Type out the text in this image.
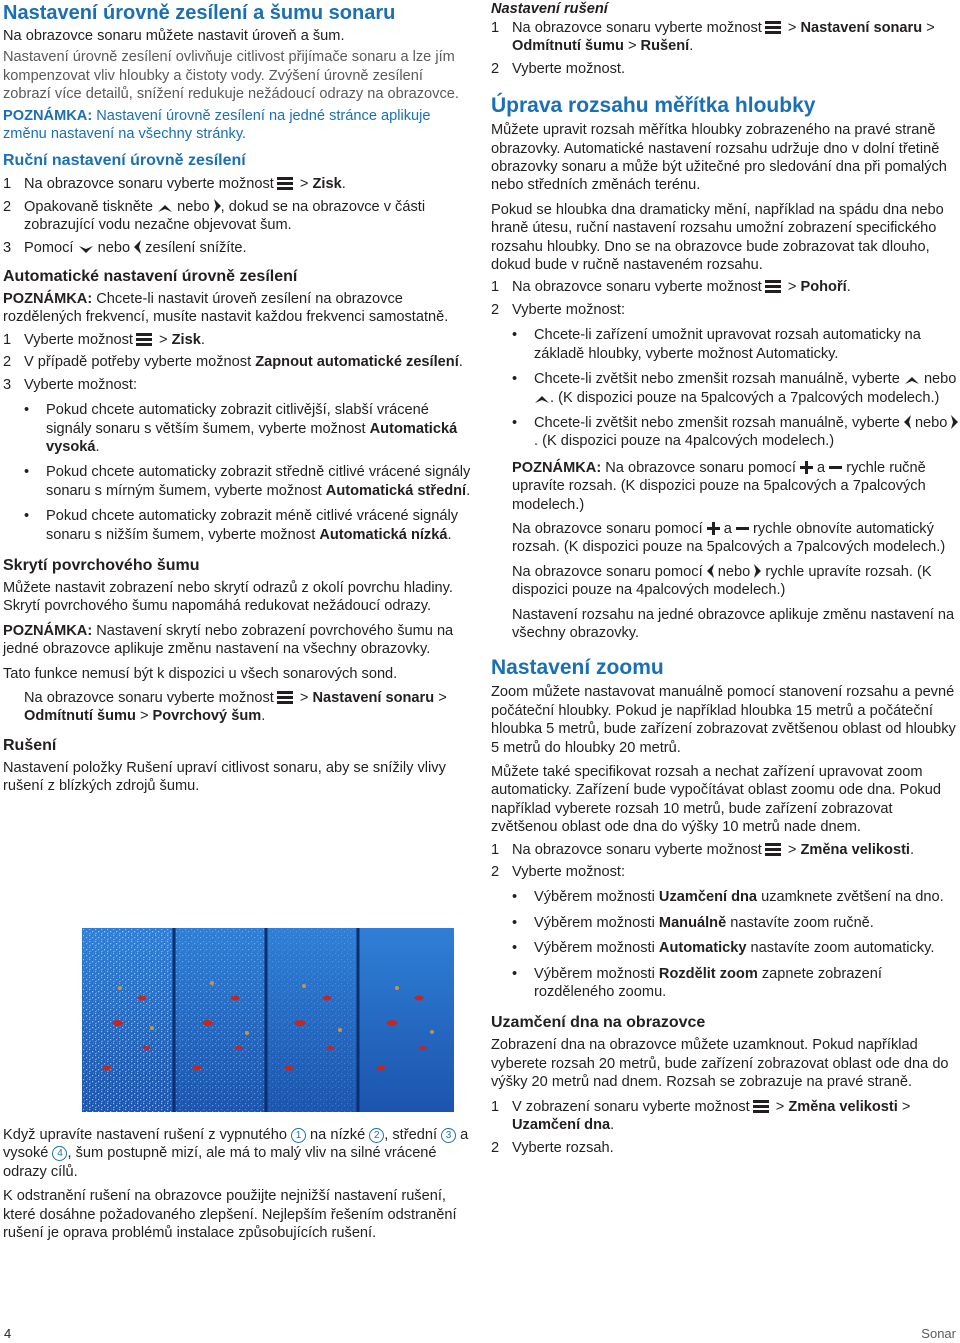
Nastavení úrovně zesílení a šumu sonaru
Na obrazovce sonaru můžete nastavit úroveň a šum.
Nastavení úrovně zesílení ovlivňuje citlivost přijímače sonaru a lze jím kompenzovat vliv hloubky a čistoty vody. Zvýšení úrovně zesílení zobrazí více detailů, snížení redukuje nežádoucí odrazy na obrazovce.
POZNÁMKA: Nastavení úrovně zesílení na jedné stránce aplikuje změnu nastavení na všechny stránky.
Ruční nastavení úrovně zesílení
1 Na obrazovce sonaru vyberte možnost > Zisk.
2 Opakovaně tiskněte  nebo , dokud se na obrazovce v části zobrazující vodu nezačne objevovat šum.
3 Pomocí  nebo  zesílení snížíte.
Automatické nastavení úrovně zesílení
POZNÁMKA: Chcete-li nastavit úroveň zesílení na obrazovce rozdělených frekvencí, musíte nastavit každou frekvenci samostatně.
1 Vyberte možnost > Zisk.
2 V případě potřeby vyberte možnost Zapnout automatické zesílení.
3 Vyberte možnost:
•	Pokud chcete automaticky zobrazit citlivější, slabší vrácené signály sonaru s větším šumem, vyberte možnost Automatická vysoká.
•	Pokud chcete automaticky zobrazit středně citlivé vrácené signály sonaru s mírným šumem, vyberte možnost Automatická střední.
•	Pokud chcete automaticky zobrazit méně citlivé vrácené signály sonaru s nižším šumem, vyberte možnost Automatická nízká.
Skrytí povrchového šumu
Můžete nastavit zobrazení nebo skrytí odrazů z okolí povrchu hladiny. Skrytí povrchového šumu napomáhá redukovat nežádoucí odrazy.
POZNÁMKA: Nastavení skrytí nebo zobrazení povrchového šumu na jedné obrazovce aplikuje změnu nastavení na všechny obrazovky.
Tato funkce nemusí být k dispozici u všech sonarových sond.
Na obrazovce sonaru vyberte možnost > Nastavení sonaru > Odmítnutí šumu > Povrchový šum.
Rušení
Nastavení položky Rušení upraví citlivost sonaru, aby se snížily vlivy rušení z blízkých zdrojů šumu.
Když upravíte nastavení rušení z vypnutého 1 na nízké 2 , střední 3 a vysoké 4 , šum postupně mizí, ale má to malý vliv na silné vrácené odrazy cílů.
K odstranění rušení na obrazovce použijte nejnižší nastavení rušení, které dosáhne požadovaného zlepšení. Nejlepším řešením odstranění rušení je oprava problémů instalace způsobujících rušení.
Nastavení rušení
1 Na obrazovce sonaru vyberte možnost > Nastavení sonaru > Odmítnutí šumu > Rušení.
2 Vyberte možnost.
Úprava rozsahu měřítka hloubky
Můžete upravit rozsah měřítka hloubky zobrazeného na pravé straně obrazovky. Automatické nastavení rozsahu udržuje dno v dolní třetině obrazovky sonaru a může být užitečné pro sledování dna při pomalých nebo středních změnách terénu.
Pokud se hloubka dna dramaticky mění, například na spádu dna nebo hraně útesu, ruční nastavení rozsahu umožní zobrazení specifického rozsahu hloubky. Dno se na obrazovce bude zobrazovat tak dlouho, dokud bude v ručně nastaveném rozsahu.
1 Na obrazovce sonaru vyberte možnost > Pohoří.
2 Vyberte možnost:
•	Chcete-li zařízení umožnit upravovat rozsah automaticky na základě hloubky, vyberte možnost Automaticky.
•	Chcete-li zvětšit nebo zmenšit rozsah manuálně, vyberte  nebo . (K dispozici pouze na 5palcových a 7palcových modelech.)
•	Chcete-li zvětšit nebo zmenšit rozsah manuálně, vyberte  nebo . (K dispozici pouze na 4palcových modelech.)
POZNÁMKA: Na obrazovce sonaru pomocí  a  rychle ručně upravíte rozsah. (K dispozici pouze na 5palcových a 7palcových modelech.)
Na obrazovce sonaru pomocí  a  rychle obnovíte automatický rozsah. (K dispozici pouze na 5palcových a 7palcových modelech.)
Na obrazovce sonaru pomocí  nebo  rychle upravíte rozsah. (K dispozici pouze na 4palcových modelech.)
Nastavení rozsahu na jedné obrazovce aplikuje změnu nastavení na všechny obrazovky.
Nastavení zoomu
Zoom můžete nastavovat manuálně pomocí stanovení rozsahu a pevné počáteční hloubky. Pokud je například hloubka 15 metrů a počáteční hloubka 5 metrů, bude zařízení zobrazovat zvětšenou oblast od hloubky 5 metrů do hloubky 20 metrů.
Můžete také specifikovat rozsah a nechat zařízení upravovat zoom automaticky. Zařízení bude vypočítávat oblast zoomu ode dna. Pokud například vyberete rozsah 10 metrů, bude zařízení zobrazovat zvětšenou oblast ode dna do výšky 10 metrů nade dnem.
1 Na obrazovce sonaru vyberte možnost > Změna velikosti.
2 Vyberte možnost:
•	Výběrem možnosti Uzamčení dna uzamknete zvětšení na dno.
•	Výběrem možnosti Manuálně nastavíte zoom ručně.
•	Výběrem možnosti Automaticky nastavíte zoom automaticky.
•	Výběrem možnosti Rozdělit zoom zapnete zobrazení rozděleného zoomu.
Uzamčení dna na obrazovce
Zobrazení dna na obrazovce můžete uzamknout. Pokud například vyberete rozsah 20 metrů, bude zařízení zobrazovat oblast ode dna do výšky 20 metrů nad dnem. Rozsah se zobrazuje na pravé straně.
1 V zobrazení sonaru vyberte možnost > Změna velikosti > Uzamčení dna.
2 Vyberte rozsah.
4	Sonar
